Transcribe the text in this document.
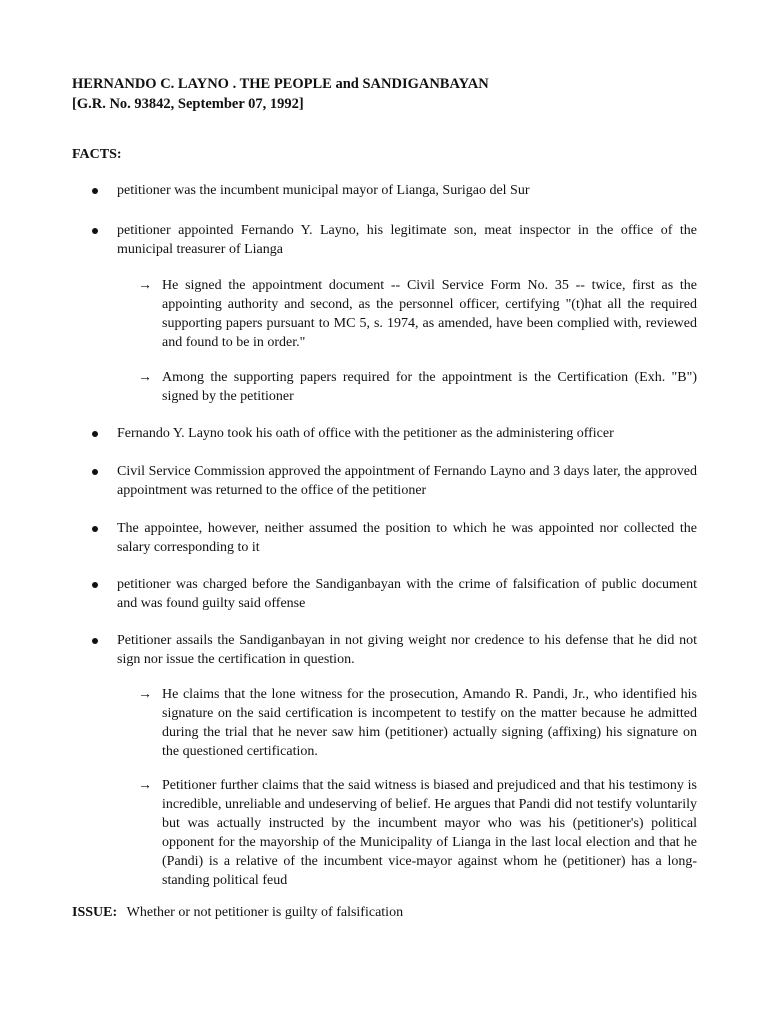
HERNANDO C. LAYNO . THE PEOPLE and SANDIGANBAYAN
[G.R. No. 93842, September 07, 1992]
FACTS:
petitioner was the incumbent municipal mayor of Lianga, Surigao del Sur
petitioner appointed Fernando Y. Layno, his legitimate son, meat inspector in the office of the municipal treasurer of Lianga
→ He signed the appointment document -- Civil Service Form No. 35 -- twice, first as the appointing authority and second, as the personnel officer, certifying "(t)hat all the required supporting papers pursuant to MC 5, s. 1974, as amended, have been complied with, reviewed and found to be in order."
→ Among the supporting papers required for the appointment is the Certification (Exh. "B") signed by the petitioner
Fernando Y. Layno took his oath of office with the petitioner as the administering officer
Civil Service Commission approved the appointment of Fernando Layno and 3 days later, the approved appointment was returned to the office of the petitioner
The appointee, however, neither assumed the position to which he was appointed nor collected the salary corresponding to it
petitioner was charged before the Sandiganbayan with the crime of falsification of public document and was found guilty said offense
Petitioner assails the Sandiganbayan in not giving weight nor credence to his defense that he did not sign nor issue the certification in question.
→ He claims that the lone witness for the prosecution, Amando R. Pandi, Jr., who identified his signature on the said certification is incompetent to testify on the matter because he admitted during the trial that he never saw him (petitioner) actually signing (affixing) his signature on the questioned certification.
→ Petitioner further claims that the said witness is biased and prejudiced and that his testimony is incredible, unreliable and undeserving of belief. He argues that Pandi did not testify voluntarily but was actually instructed by the incumbent mayor who was his (petitioner's) political opponent for the mayorship of the Municipality of Lianga in the last local election and that he (Pandi) is a relative of the incumbent vice-mayor against whom he (petitioner) has a long-standing political feud
ISSUE: Whether or not petitioner is guilty of falsification
